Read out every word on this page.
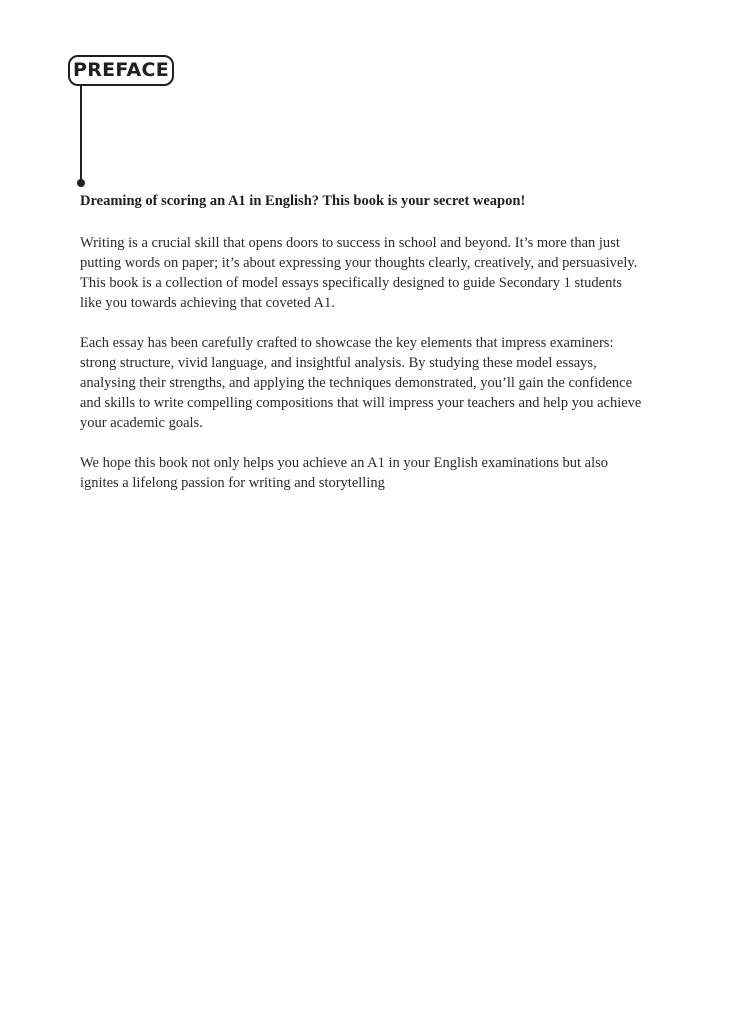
PREFACE

Dreaming of scoring an A1 in English? This book is your secret weapon!

Writing is a crucial skill that opens doors to success in school and beyond. It’s more than just putting words on paper; it’s about expressing your thoughts clearly, creatively, and persuasively. This book is a collection of model essays specifically designed to guide Secondary 1 students like you towards achieving that coveted A1.

Each essay has been carefully crafted to showcase the key elements that impress examiners: strong structure, vivid language, and insightful analysis. By studying these model essays, analysing their strengths, and applying the techniques demonstrated, you’ll gain the confidence and skills to write compelling compositions that will impress your teachers and help you achieve your academic goals.

We hope this book not only helps you achieve an A1 in your English examinations but also ignites a lifelong passion for writing and storytelling
